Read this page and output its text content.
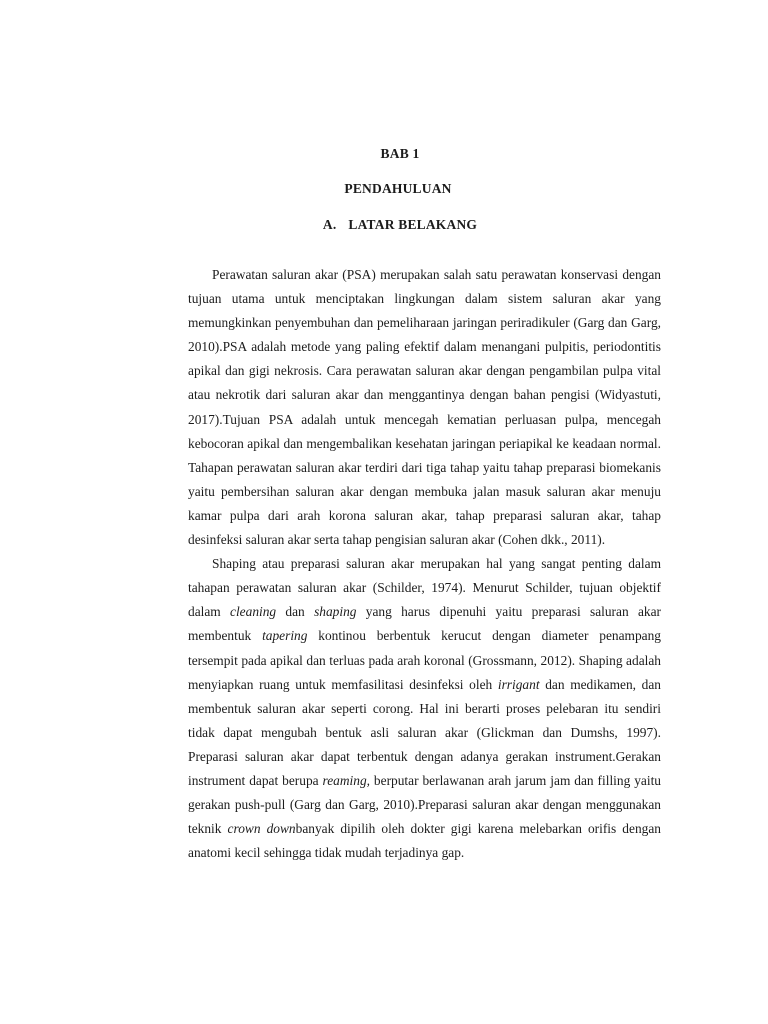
BAB 1
PENDAHULUAN
A. LATAR BELAKANG

Perawatan saluran akar (PSA) merupakan salah satu perawatan konservasi dengan tujuan utama untuk menciptakan lingkungan dalam sistem saluran akar yang memungkinkan penyembuhan dan pemeliharaan jaringan periradikuler (Garg dan Garg, 2010).PSA adalah metode yang paling efektif dalam menangani pulpitis, periodontitis apikal dan gigi nekrosis. Cara perawatan saluran akar dengan pengambilan pulpa vital atau nekrotik dari saluran akar dan menggantinya dengan bahan pengisi (Widyastuti, 2017).Tujuan PSA adalah untuk mencegah kematian perluasan pulpa, mencegah kebocoran apikal dan mengembalikan kesehatan jaringan periapikal ke keadaan normal. Tahapan perawatan saluran akar terdiri dari tiga tahap yaitu tahap preparasi biomekanis yaitu pembersihan saluran akar dengan membuka jalan masuk saluran akar menuju kamar pulpa dari arah korona saluran akar, tahap preparasi saluran akar, tahap desinfeksi saluran akar serta tahap pengisian saluran akar (Cohen dkk., 2011).

Shaping atau preparasi saluran akar merupakan hal yang sangat penting dalam tahapan perawatan saluran akar (Schilder, 1974). Menurut Schilder, tujuan objektif dalam cleaning dan shaping yang harus dipenuhi yaitu preparasi saluran akar membentuk tapering kontinou berbentuk kerucut dengan diameter penampang tersempit pada apikal dan terluas pada arah koronal (Grossmann, 2012). Shaping adalah menyiapkan ruang untuk memfasilitasi desinfeksi oleh irrigant dan medikamen, dan membentuk saluran akar seperti corong. Hal ini berarti proses pelebaran itu sendiri tidak dapat mengubah bentuk asli saluran akar (Glickman dan Dumshs, 1997). Preparasi saluran akar dapat terbentuk dengan adanya gerakan instrument.Gerakan instrument dapat berupa reaming, berputar berlawanan arah jarum jam dan filling yaitu gerakan push-pull (Garg dan Garg, 2010).Preparasi saluran akar dengan menggunakan teknik crown downbanyak dipilih oleh dokter gigi karena melebarkan orifis dengan anatomi kecil sehingga tidak mudah terjadinya gap.
